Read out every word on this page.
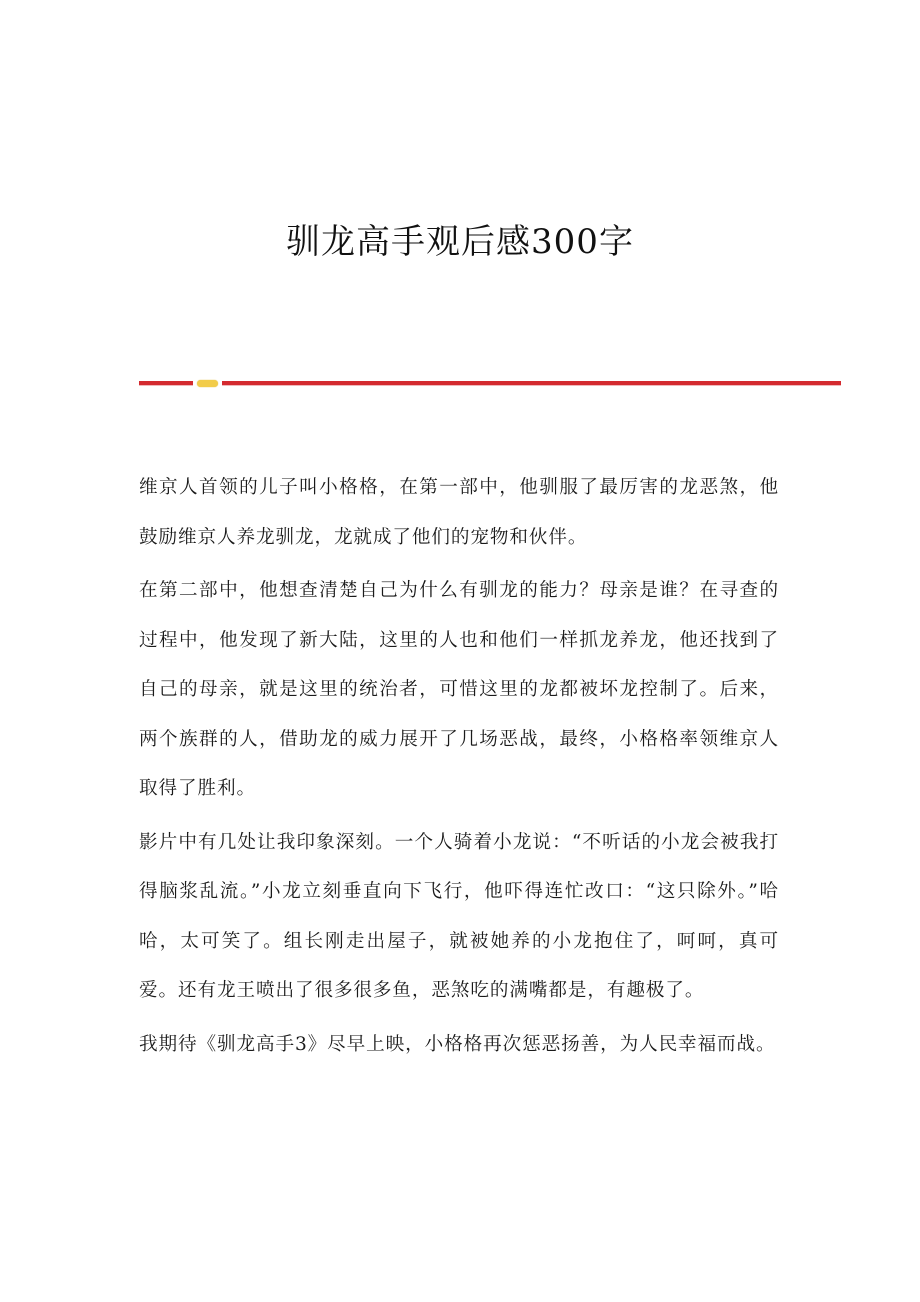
驯龙高手观后感300字

维京人首领的儿子叫小格格，在第一部中，他驯服了最厉害的龙恶煞，他鼓励维京人养龙驯龙，龙就成了他们的宠物和伙伴。

在第二部中，他想查清楚自己为什么有驯龙的能力？母亲是谁？在寻查的过程中，他发现了新大陆，这里的人也和他们一样抓龙养龙，他还找到了自己的母亲，就是这里的统治者，可惜这里的龙都被坏龙控制了。后来，两个族群的人，借助龙的威力展开了几场恶战，最终，小格格率领维京人取得了胜利。

影片中有几处让我印象深刻。一个人骑着小龙说：“不听话的小龙会被我打得脑浆乱流。”小龙立刻垂直向下飞行，他吓得连忙改口：“这只除外。”哈哈，太可笑了。组长刚走出屋子，就被她养的小龙抱住了，呵呵，真可爱。还有龙王喷出了很多很多鱼，恶煞吃的满嘴都是，有趣极了。

我期待《驯龙高手3》尽早上映，小格格再次惩恶扬善，为人民幸福而战。
